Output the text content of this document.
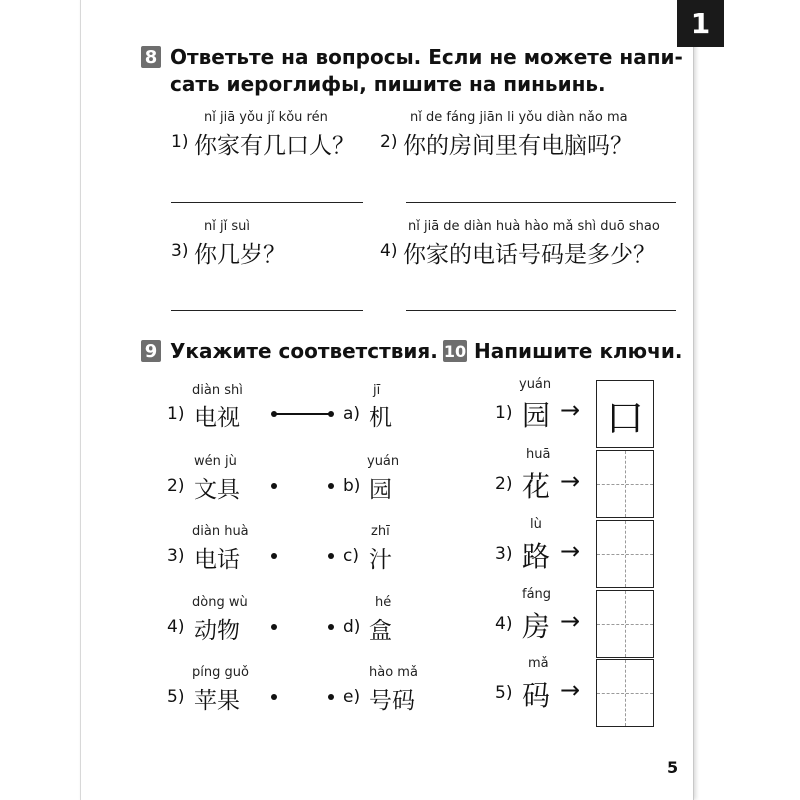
1
8 Ответьте на вопросы. Если не можете напи-
сать иероглифы, пишите на пиньинь.
nǐ jiā yǒu jǐ kǒu rén
1) 你家有几口人？
nǐ de fáng jiān li yǒu diàn nǎo ma
2) 你的房间里有电脑吗？
nǐ jǐ suì
3) 你几岁？
nǐ jiā de diàn huà hào mǎ shì duō shao
4) 你家的电话号码是多少？
9 Укажите соответствия.
diàn shì
1) 电视
jī
a) 机
wén jù
2) 文具
yuán
b) 园
diàn huà
3) 电话
zhī
c) 汁
dòng wù
4) 动物
hé
d) 盒
píng guǒ
5) 苹果
hào mǎ
e) 号码
10 Напишите ключи.
yuán
1) 园 → 口
huā
2) 花 →
lù
3) 路 →
fáng
4) 房 →
mǎ
5) 码 →
5
